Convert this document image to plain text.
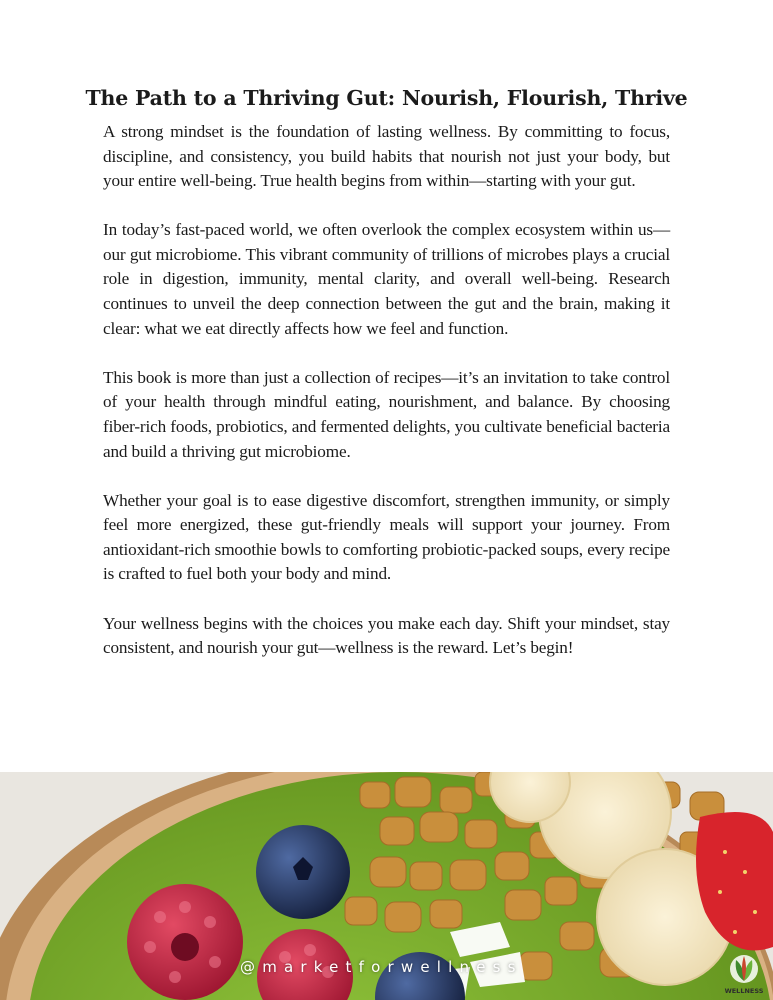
The Path to a Thriving Gut: Nourish, Flourish, Thrive

A strong mindset is the foundation of lasting wellness. By committing to focus, discipline, and consistency, you build habits that nourish not just your body, but your entire well-being. True health begins from within—starting with your gut.

In today’s fast-paced world, we often overlook the complex ecosystem within us—our gut microbiome. This vibrant community of trillions of microbes plays a crucial role in digestion, immunity, mental clarity, and overall well-being. Research continues to unveil the deep connection between the gut and the brain, making it clear: what we eat directly affects how we feel and function.

This book is more than just a collection of recipes—it’s an invitation to take control of your health through mindful eating, nourishment, and balance. By choosing fiber-rich foods, probiotics, and fermented delights, you cultivate beneficial bacteria and build a thriving gut microbiome.

Whether your goal is to ease digestive discomfort, strengthen immunity, or simply feel more energized, these gut-friendly meals will support your journey. From antioxidant-rich smoothie bowls to comforting probiotic-packed soups, every recipe is crafted to fuel both your body and mind.

Your wellness begins with the choices you make each day. Shift your mindset, stay consistent, and nourish your gut—wellness is the reward. Let’s begin!

@marketforwellness
WELLNESS
